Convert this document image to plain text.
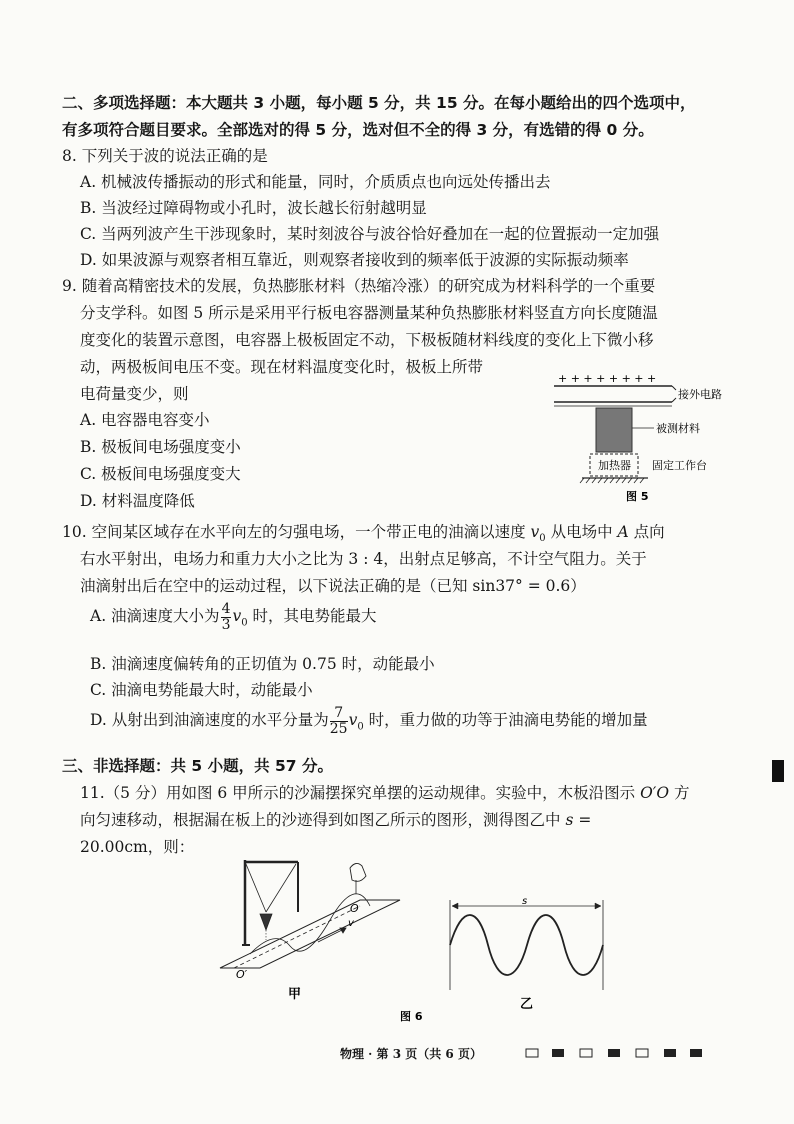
二、多项选择题：本大题共 3 小题，每小题 5 分，共 15 分。在每小题给出的四个选项中，
有多项符合题目要求。全部选对的得 5 分，选对但不全的得 3 分，有选错的得 0 分。
8. 下列关于波的说法正确的是
A. 机械波传播振动的形式和能量，同时，介质质点也向远处传播出去
B. 当波经过障碍物或小孔时，波长越长衍射越明显
C. 当两列波产生干涉现象时，某时刻波谷与波谷恰好叠加在一起的位置振动一定加强
D. 如果波源与观察者相互靠近，则观察者接收到的频率低于波源的实际振动频率
9. 随着高精密技术的发展，负热膨胀材料（热缩冷涨）的研究成为材料科学的一个重要
分支学科。如图 5 所示是采用平行板电容器测量某种负热膨胀材料竖直方向长度随温
度变化的装置示意图，电容器上极板固定不动，下极板随材料线度的变化上下微小移
动，两极板间电压不变。现在材料温度变化时，极板上所带
电荷量变少，则
A. 电容器电容变小
B. 极板间电场强度变小
C. 极板间电场强度变大
D. 材料温度降低
+ + + + + + + +
接外电路
被测材料
加热器 固定工作台
图 5
10. 空间某区域存在水平向左的匀强电场，一个带正电的油滴以速度 $v_0$ 从电场中 A 点向
右水平射出，电场力和重力大小之比为 3 : 4，出射点足够高，不计空气阻力。关于
油滴射出后在空中的运动过程，以下说法正确的是（已知 sin37° = 0.6）
A. 油滴速度大小为 $\frac{4}{3} v_0$ 时，其电势能最大
B. 油滴速度偏转角的正切值为 0.75 时，动能最小
C. 油滴电势能最大时，动能最小
D. 从射出到油滴速度的水平分量为 $\frac{7}{25} v_0$ 时，重力做的功等于油滴电势能的增加量
三、非选择题：共 5 小题，共 57 分。
11.（5 分）用如图 6 甲所示的沙漏摆探究单摆的运动规律。实验中，木板沿图示 O′O 方
向匀速移动，根据漏在板上的沙迹得到如图乙所示的图形，测得图乙中 s =
20.00cm，则：
O
O′
v
甲
s
乙
图 6
物理 · 第 3 页（共 6 页）
